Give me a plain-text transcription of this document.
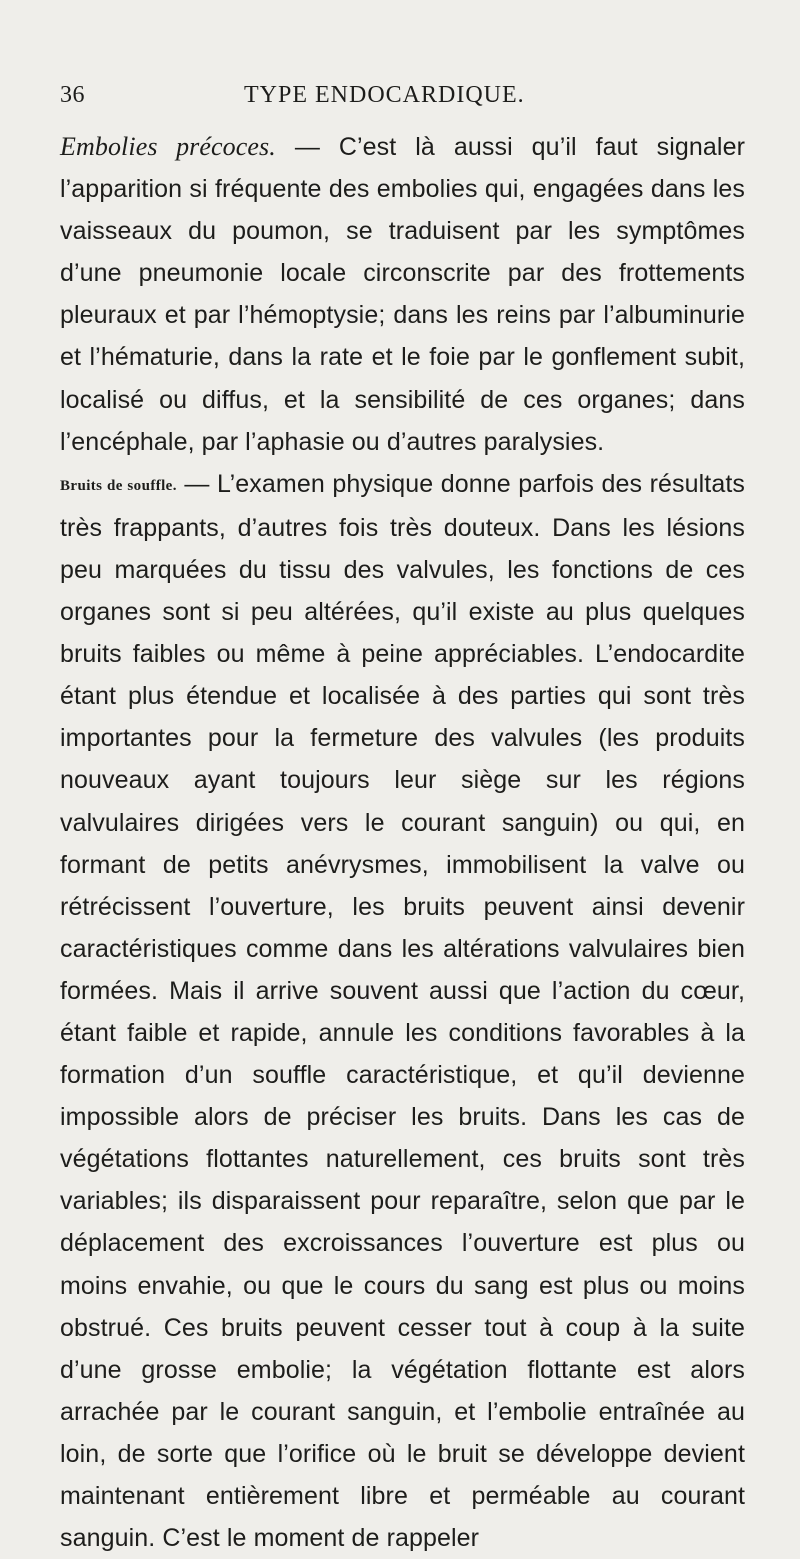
36	TYPE ENDOCARDIQUE.

Embolies précoces. — C’est là aussi qu’il faut signaler l’apparition si fréquente des embolies qui, engagées dans les vaisseaux du poumon, se traduisent par les symptômes d’une pneumonie locale circonscrite par des frottements pleuraux et par l’hémoptysie; dans les reins par l’albuminurie et l’hématurie, dans la rate et le foie par le gonflement subit, localisé ou diffus, et la sensibilité de ces organes; dans l’encéphale, par l’aphasie ou d’autres paralysies.

Bruits de souffle. — L’examen physique donne parfois des résultats très frappants, d’autres fois très douteux. Dans les lésions peu marquées du tissu des valvules, les fonctions de ces organes sont si peu altérées, qu’il existe au plus quelques bruits faibles ou même à peine appréciables. L’endocardite étant plus étendue et localisée à des parties qui sont très importantes pour la fermeture des valvules (les produits nouveaux ayant toujours leur siège sur les régions valvulaires dirigées vers le courant sanguin) ou qui, en formant de petits anévrysmes, immobilisent la valve ou rétrécissent l’ouverture, les bruits peuvent ainsi devenir caractéristiques comme dans les altérations valvulaires bien formées. Mais il arrive souvent aussi que l’action du cœur, étant faible et rapide, annule les conditions favorables à la formation d’un souffle caractéristique, et qu’il devienne impossible alors de préciser les bruits. Dans les cas de végétations flottantes naturellement, ces bruits sont très variables; ils disparaissent pour reparaître, selon que par le déplacement des excroissances l’ouverture est plus ou moins envahie, ou que le cours du sang est plus ou moins obstrué. Ces bruits peuvent cesser tout à coup à la suite d’une grosse embolie; la végétation flottante est alors arrachée par le courant sanguin, et l’embolie entraînée au loin, de sorte que l’orifice où le bruit se développe devient maintenant entièrement libre et perméable au courant sanguin. C’est le moment de rappeler
